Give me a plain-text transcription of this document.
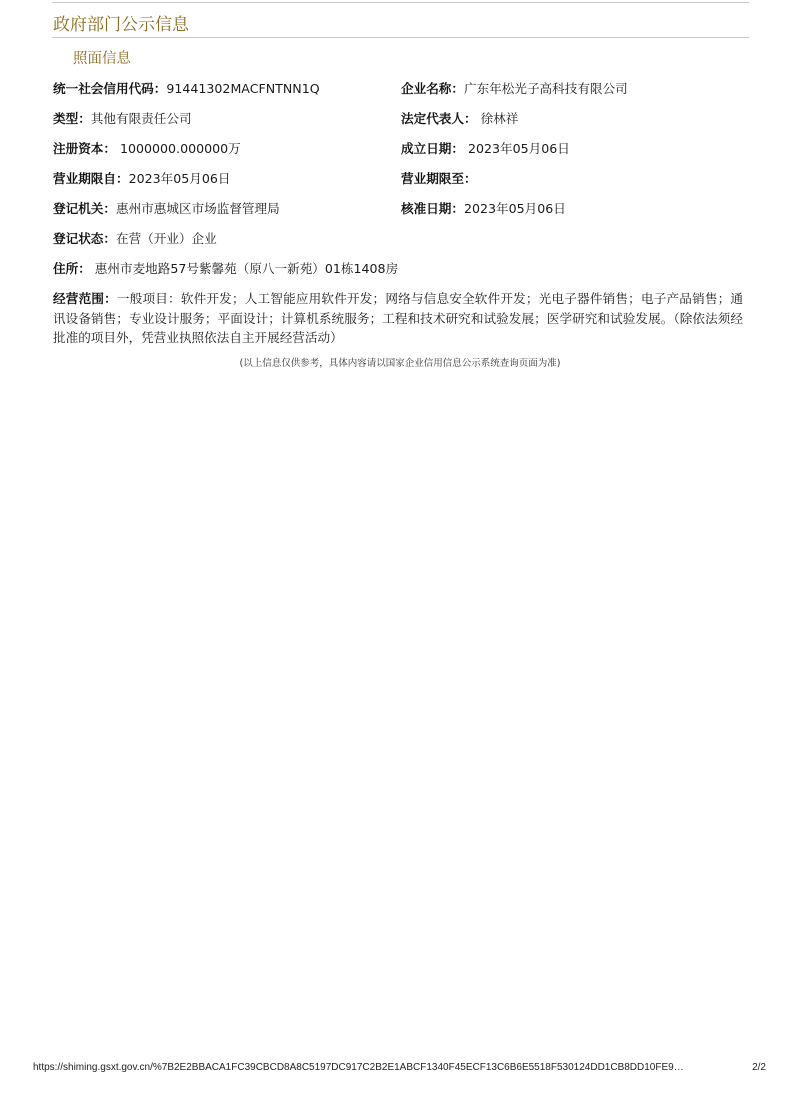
政府部门公示信息
照面信息
统一社会信用代码：91441302MACFNTNN1Q	企业名称：广东年松光子高科技有限公司
类型：其他有限责任公司	法定代表人： 徐林祥
注册资本： 1000000.000000万	成立日期： 2023年05月06日
营业期限自：2023年05月06日	营业期限至：
登记机关：惠州市惠城区市场监督管理局	核准日期：2023年05月06日
登记状态：在营（开业）企业
住所： 惠州市麦地路57号紫馨苑（原八一新苑）01栋1408房
经营范围：一般项目：软件开发；人工智能应用软件开发；网络与信息安全软件开发；光电子器件销售；电子产品销售；通讯设备销售；专业设计服务；平面设计；计算机系统服务；工程和技术研究和试验发展；医学研究和试验发展。（除依法须经批准的项目外，凭营业执照依法自主开展经营活动）
(以上信息仅供参考，具体内容请以国家企业信用信息公示系统查询页面为准)
https://shiming.gsxt.gov.cn/%7B2E2BBACA1FC39CBCD8A8C5197DC917C2B2E1ABCF1340F45ECF13C6B6E5518F530124DD1CB8DD10FE9…	2/2
